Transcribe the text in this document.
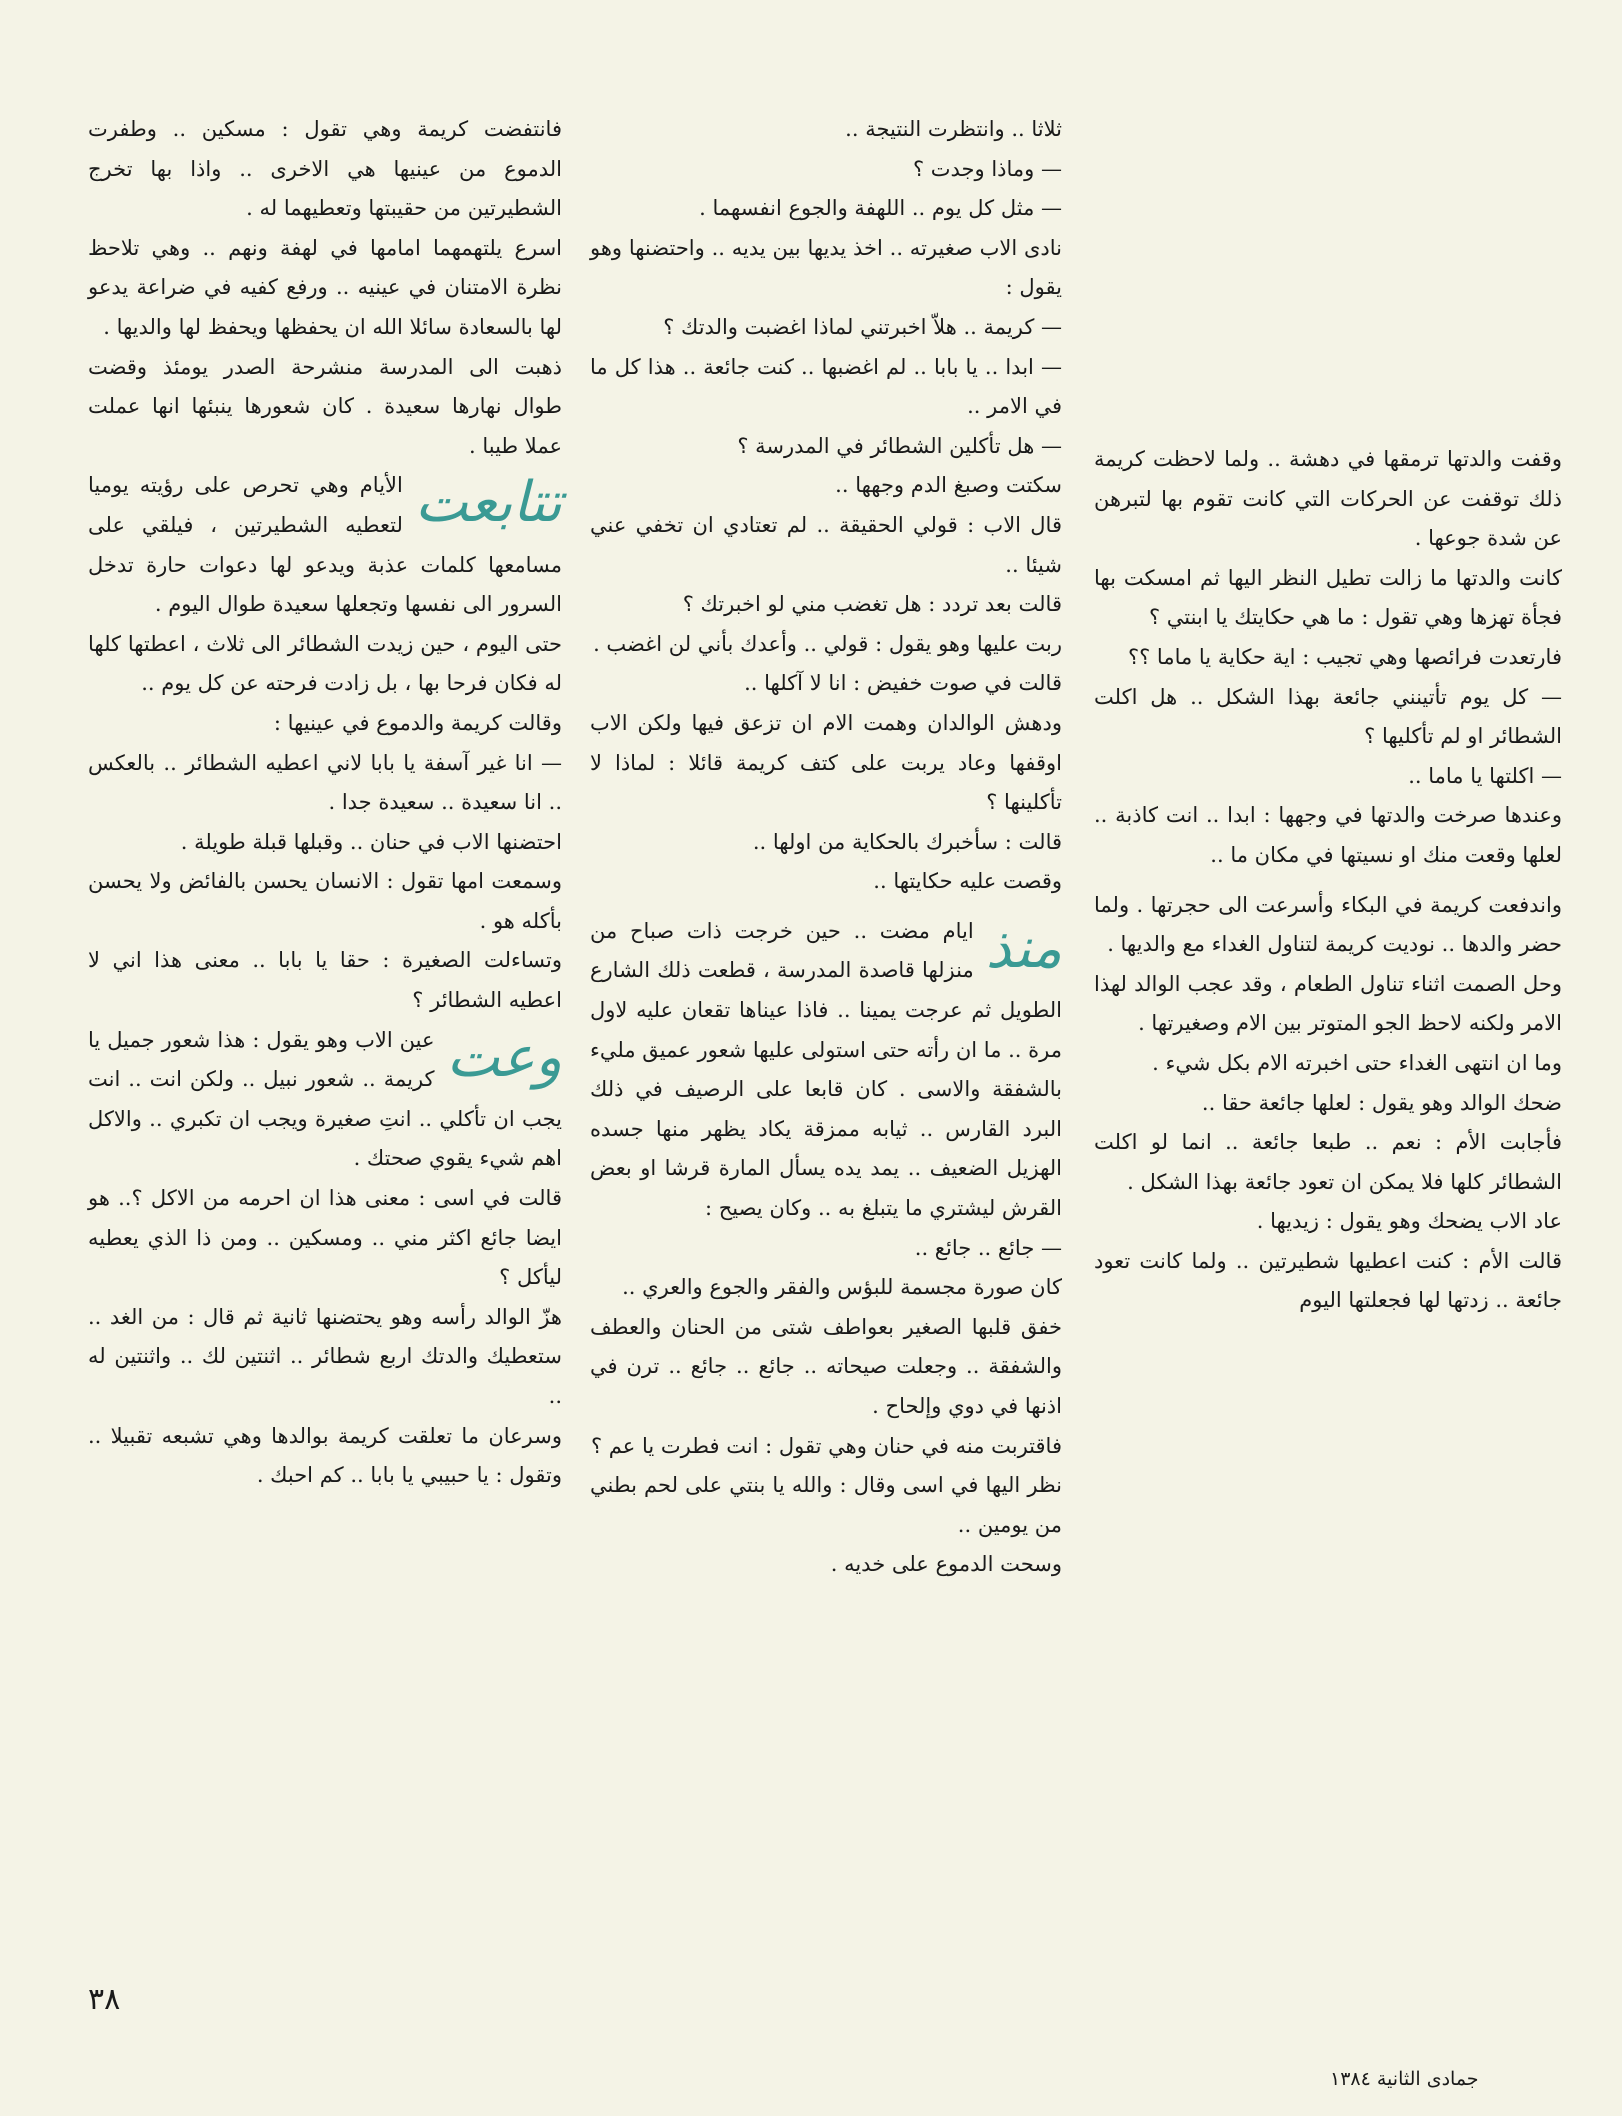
وقفت والدتها ترمقها في دهشة .. ولما لاحظت كريمة ذلك توقفت عن الحركات التي كانت تقوم بها لتبرهن عن شدة جوعها .

كانت والدتها ما زالت تطيل النظر اليها ثم امسكت بها فجأة تهزها وهي تقول : ما هي حكايتك يا ابنتي ؟

فارتعدت فرائصها وهي تجيب : اية حكاية يا ماما ؟؟

— كل يوم تأتينني جائعة بهذا الشكل .. هل اكلت الشطائر او لم تأكليها ؟

— اكلتها يا ماما ..

وعندها صرخت والدتها في وجهها : ابدا .. انت كاذبة .. لعلها وقعت منك او نسيتها في مكان ما ..

واندفعت كريمة في البكاء وأسرعت الى حجرتها . ولما حضر والدها .. نوديت كريمة لتناول الغداء مع والديها .

وحل الصمت اثناء تناول الطعام ، وقد عجب الوالد لهذا الامر ولكنه لاحظ الجو المتوتر بين الام وصغيرتها .

وما ان انتهى الغداء حتى اخبرته الام بكل شيء .

ضحك الوالد وهو يقول : لعلها جائعة حقا ..

فأجابت الأم : نعم .. طبعا جائعة .. انما لو اكلت الشطائر كلها فلا يمكن ان تعود جائعة بهذا الشكل .

عاد الاب يضحك وهو يقول : زيديها .

قالت الأم : كنت اعطيها شطيرتين .. ولما كانت تعود جائعة .. زدتها لها فجعلتها اليوم

ثلاثا .. وانتظرت النتيجة ..

— وماذا وجدت ؟

— مثل كل يوم .. اللهفة والجوع انفسهما .

نادى الاب صغيرته .. اخذ يديها بين يديه .. واحتضنها وهو يقول :

— كريمة .. هلاّ اخبرتني لماذا اغضبت والدتك ؟

— ابدا .. يا بابا .. لم اغضبها .. كنت جائعة .. هذا كل ما في الامر ..

— هل تأكلين الشطائر في المدرسة ؟

سكتت وصبغ الدم وجهها ..

قال الاب : قولي الحقيقة .. لم تعتادي ان تخفي عني شيئا ..

قالت بعد تردد : هل تغضب مني لو اخبرتك ؟

ربت عليها وهو يقول : قولي .. وأعدك بأني لن اغضب .

قالت في صوت خفيض : انا لا آكلها ..

ودهش الوالدان وهمت الام ان تزعق فيها ولكن الاب اوقفها وعاد يربت على كتف كريمة قائلا : لماذا لا تأكلينها ؟

قالت : سأخبرك بالحكاية من اولها ..

وقصت عليه حكايتها ..

منذ
ايام مضت .. حين خرجت ذات صباح من منزلها قاصدة المدرسة ، قطعت ذلك الشارع الطويل ثم عرجت يمينا .. فاذا عيناها تقعان عليه لاول مرة .. ما ان رأته حتى استولى عليها شعور عميق مليء بالشفقة والاسى . كان قابعا على الرصيف في ذلك البرد القارس .. ثيابه ممزقة يكاد يظهر منها جسده الهزيل الضعيف .. يمد يده يسأل المارة قرشا او بعض القرش ليشتري ما يتبلغ به .. وكان يصيح :

— جائع .. جائع ..

كان صورة مجسمة للبؤس والفقر والجوع والعري ..

خفق قلبها الصغير بعواطف شتى من الحنان والعطف والشفقة .. وجعلت صيحاته .. جائع .. جائع .. ترن في اذنها في دوي وإلحاح .

فاقتربت منه في حنان وهي تقول : انت فطرت يا عم ؟

نظر اليها في اسى وقال : والله يا بنتي على لحم بطني من يومين ..

وسحت الدموع على خديه .

فانتفضت كريمة وهي تقول : مسكين .. وطفرت الدموع من عينيها هي الاخرى .. واذا بها تخرج الشطيرتين من حقيبتها وتعطيهما له .

اسرع يلتهمهما امامها في لهفة ونهم .. وهي تلاحظ نظرة الامتنان في عينيه .. ورفع كفيه في ضراعة يدعو لها بالسعادة سائلا الله ان يحفظها ويحفظ لها والديها .

ذهبت الى المدرسة منشرحة الصدر يومئذ وقضت طوال نهارها سعيدة . كان شعورها ينبئها انها عملت عملا طيبا .

تتابعت
الأيام وهي تحرص على رؤيته يوميا لتعطيه الشطيرتين ، فيلقي على مسامعها كلمات عذبة ويدعو لها دعوات حارة تدخل السرور الى نفسها وتجعلها سعيدة طوال اليوم .

حتى اليوم ، حين زيدت الشطائر الى ثلاث ، اعطتها كلها له فكان فرحا بها ، بل زادت فرحته عن كل يوم ..

وقالت كريمة والدموع في عينيها :

— انا غير آسفة يا بابا لاني اعطيه الشطائر .. بالعكس .. انا سعيدة .. سعيدة جدا .

احتضنها الاب في حنان .. وقبلها قبلة طويلة .

وسمعت امها تقول : الانسان يحسن بالفائض ولا يحسن بأكله هو .

وتساءلت الصغيرة : حقا يا بابا .. معنى هذا اني لا اعطيه الشطائر ؟

وعت
عين الاب وهو يقول : هذا شعور جميل يا كريمة .. شعور نبيل .. ولكن انت .. انت يجب ان تأكلي .. انتِ صغيرة ويجب ان تكبري .. والاكل اهم شيء يقوي صحتك .

قالت في اسى : معنى هذا ان احرمه من الاكل ؟.. هو ايضا جائع اكثر مني .. ومسكين .. ومن ذا الذي يعطيه ليأكل ؟

هزّ الوالد رأسه وهو يحتضنها ثانية ثم قال : من الغد .. ستعطيك والدتك اربع شطائر .. اثنتين لك .. واثنتين له ..

وسرعان ما تعلقت كريمة بوالدها وهي تشبعه تقبيلا .. وتقول : يا حبيبي يا بابا .. كم احبك .

٣٨
جمادى الثانية ١٣٨٤
